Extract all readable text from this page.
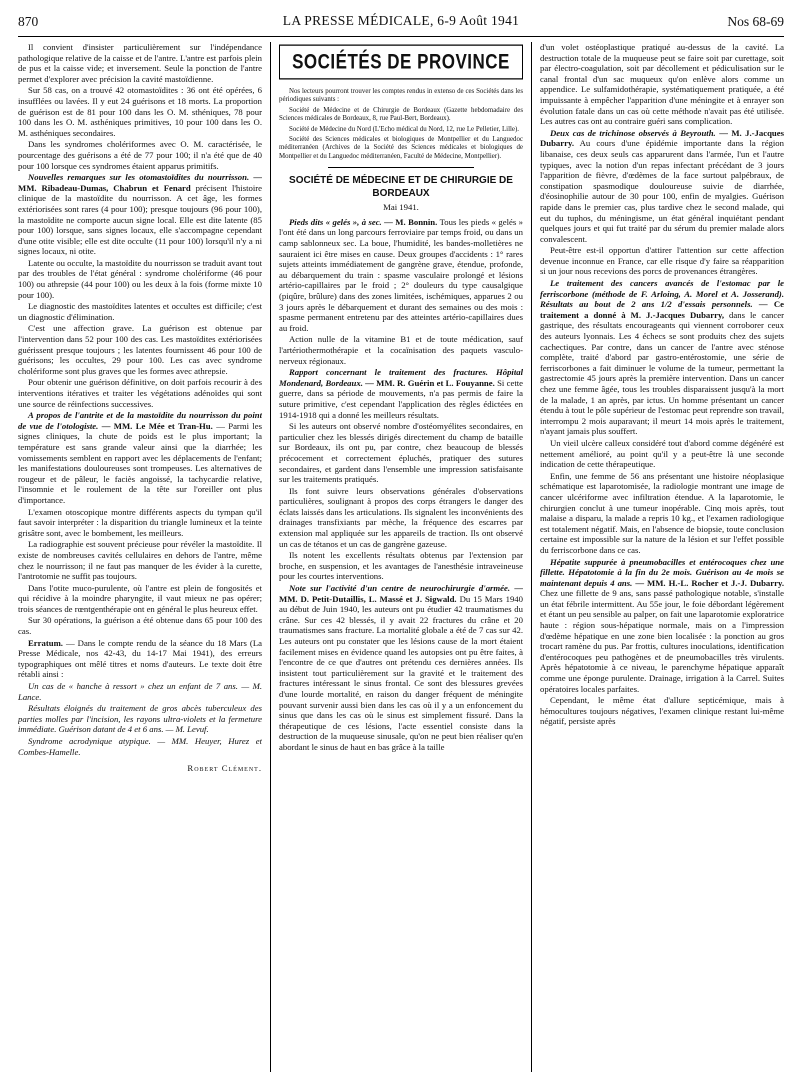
870	LA PRESSE MÉDICALE, 6-9 Août 1941	Nos 68-69

Il convient d'insister particulièrement sur l'indépendance pathologique relative de la caisse et de l'antre. L'antre est parfois plein de pus et la caisse vide; et inversement. Seule la ponction de l'antre permet d'explorer avec précision la cavité mastoïdienne.

Sur 58 cas, on a trouvé 42 otomastoïdites : 36 ont été opérées, 6 insufflées ou lavées. Il y eut 24 guérisons et 18 morts. La proportion de guérison est de 81 pour 100 dans les O. M. sthéniques, 78 pour 100 dans les O. M. asthéniques primitives, 10 pour 100 dans les O. M. asthéniques secondaires.

Dans les syndromes cholériformes avec O. M. caractérisée, le pourcentage des guérisons a été de 77 pour 100; il n'a été que de 40 pour 100 lorsque ces syndromes étaient apparus primitifs.

Nouvelles remarques sur les otomastoïdites du nourrisson. — MM. Ribadeau-Dumas, Chabrun et Fenard précisent l'histoire clinique de la mastoïdite du nourrisson. A cet âge, les formes extériorisées sont rares (4 pour 100); presque toujours (96 pour 100), la mastoïdite ne comporte aucun signe local. Elle est dite latente (85 pour 100) lorsque, sans signes locaux, elle s'accompagne cependant d'une otite visible; elle est dite occulte (11 pour 100) lorsqu'il n'y a ni signes locaux, ni otite.

Latente ou occulte, la mastoïdite du nourrisson se traduit avant tout par des troubles de l'état général : syndrome cholériforme (46 pour 100) ou athrepsie (44 pour 100) ou les deux à la fois (forme mixte 10 pour 100).

Le diagnostic des mastoïdites latentes et occultes est difficile; c'est un diagnostic d'élimination.

C'est une affection grave. La guérison est obtenue par l'intervention dans 52 pour 100 des cas. Les mastoïdites extériorisées guérissent presque toujours ; les latentes fournissent 46 pour 100 de guérisons; les occultes, 29 pour 100. Les cas avec syndrome cholériforme sont plus graves que les formes avec athrepsie.

Pour obtenir une guérison définitive, on doit parfois recourir à des interventions itératives et traiter les végétations adénoïdes qui sont une source de réinfections successives.

A propos de l'antrite et de la mastoïdite du nourrisson du point de vue de l'otologiste. — MM. Le Mée et Tran-Hu. — Parmi les signes cliniques, la chute de poids est le plus important; la température est sans grande valeur ainsi que la diarrhée; les vomissements semblent en rapport avec les déplacements de l'enfant; les manifestations douloureuses sont trompeuses. Les alternatives de rougeur et de pâleur, le faciès angoissé, la tachycardie relative, l'insomnie et le roulement de la tête sur l'oreiller ont plus d'importance.

L'examen otoscopique montre différents aspects du tympan qu'il faut savoir interpréter : la disparition du triangle lumineux et la teinte grisâtre sont, avec le bombement, les meilleurs.

La radiographie est souvent précieuse pour révéler la mastoïdite. Il existe de nombreuses cavités cellulaires en dehors de l'antre, même chez le nourrisson; il ne faut pas manquer de les évider à la curette, l'antrotomie ne suffit pas toujours.

Dans l'otite muco-purulente, où l'antre est plein de fongosités et qui récidive à la moindre pharyngite, il vaut mieux ne pas opérer; trois séances de rœntgenthérapie ont en général le plus heureux effet.

Sur 30 opérations, la guérison a été obtenue dans 65 pour 100 des cas.

Erratum. — Dans le compte rendu de la séance du 18 Mars (La Presse Médicale, nos 42-43, du 14-17 Mai 1941), des erreurs typographiques ont mêlé titres et noms d'auteurs. Le texte doit être rétabli ainsi :

Un cas de « hanche à ressort » chez un enfant de 7 ans. — M. Lance.

Résultats éloignés du traitement de gros abcès tuberculeux des parties molles par l'incision, les rayons ultra-violets et la fermeture immédiate. Guérison datant de 4 et 6 ans. — M. Levuf.

Syndrome acrodynique atypique. — MM. Heuyer, Hurez et Combes-Hamelle.

Robert Clément.

SOCIÉTÉS DE PROVINCE

Nos lecteurs pourront trouver les comptes rendus in extenso de ces Sociétés dans les périodiques suivants :

Société de Médecine et de Chirurgie de Bordeaux (Gazette hebdomadaire des Sciences médicales de Bordeaux, 8, rue Paul-Bert, Bordeaux).

Société de Médecine du Nord (L'Echo médical du Nord, 12, rue Le Pelletier, Lille).

Société des Sciences médicales et biologiques de Montpellier et du Languedoc méditerranéen (Archives de la Société des Sciences médicales et biologiques de Montpellier et du Languedoc méditerranéen, Faculté de Médecine, Montpellier).

SOCIÉTÉ DE MÉDECINE ET DE CHIRURGIE DE BORDEAUX
Mai 1941.

Pieds dits « gelés », à sec. — M. Bonnin. Tous les pieds « gelés » l'ont été dans un long parcours ferroviaire par temps froid, ou dans un camp sablonneux sec. La boue, l'humidité, les bandes-molletières ne sauraient ici être mises en cause. Deux groupes d'accidents : 1° rares sujets atteints immédiatement de gangrène grave, étendue, profonde, au débarquement du train : spasme vasculaire prolongé et lésions artério-capillaires par le froid ; 2° douleurs du type causalgique (piqûre, brûlure) dans des zones limitées, ischémiques, apparues 2 ou 3 jours après le débarquement et durant des semaines ou des mois : spasme permanent entretenu par des atteintes artério-capillaires dues au froid.

Action nulle de la vitamine B1 et de toute médication, sauf l'artériothermothérapie et la cocaïnisation des paquets vasculo-nerveux régionaux.

Rapport concernant le traitement des fractures. Hôpital Mondenard, Bordeaux. — MM. R. Guérin et L. Fouyanne. Si cette guerre, dans sa période de mouvements, n'a pas permis de faire la suture primitive, c'est cependant l'application des règles édictées en 1914-1918 qui a donné les meilleurs résultats.

Si les auteurs ont observé nombre d'ostéomyélites secondaires, en particulier chez les blessés dirigés directement du champ de bataille sur Bordeaux, ils ont pu, par contre, chez beaucoup de blessés précocement et correctement épluchés, pratiquer des sutures secondaires, et gardent dans l'ensemble une impression satisfaisante sur les traitements pratiqués.

Ils font suivre leurs observations générales d'observations particulières, soulignant à propos des corps étrangers le danger des éclats laissés dans les articulations. Ils signalent les inconvénients des drainages transfixiants par mèche, la fréquence des escarres par extension mal appliquée sur les appareils de traction. Ils ont observé un cas de tétanos et un cas de gangrène gazeuse.

Ils notent les excellents résultats obtenus par l'extension par broche, en suspension, et les avantages de l'anesthésie intraveineuse pour les courtes interventions.

Note sur l'activité d'un centre de neurochirurgie d'armée. — MM. D. Petit-Dutaillis, L. Massé et J. Sigwald. Du 15 Mars 1940 au début de Juin 1940, les auteurs ont pu étudier 42 traumatismes du crâne. Sur ces 42 blessés, il y avait 22 fractures du crâne et 20 traumatismes sans fracture. La mortalité globale a été de 7 cas sur 42. Les auteurs ont pu constater que les lésions cause de la mort étaient facilement mises en évidence quand les autopsies ont pu être faites, à l'encontre de ce que d'autres ont prétendu ces dernières années. Ils insistent tout particulièrement sur la gravité et le traitement des fractures intéressant le sinus frontal. Ce sont des blessures grevées d'une lourde mortalité, en raison du danger fréquent de méningite pouvant survenir aussi bien dans les cas où il y a un enfoncement du sinus que dans les cas où le sinus est simplement fissuré. Dans la thérapeutique de ces lésions, l'acte essentiel consiste dans la destruction de la muqueuse sinusale, qu'on ne peut bien réaliser qu'en abordant le sinus de haut en bas grâce à la taille

d'un volet ostéoplastique pratiqué au-dessus de la cavité. La destruction totale de la muqueuse peut se faire soit par curettage, soit par électro-coagulation, soit par décollement et pédiculisation sur le canal frontal d'un sac muqueux qu'on enlève alors comme un appendice. Le sulfamidothérapie, systématiquement pratiquée, a été impuissante à empêcher l'apparition d'une méningite et à enrayer son évolution fatale dans un cas où cette méthode n'avait pas été utilisée. Les autres cas ont au contraire guéri sans complication.

Deux cas de trichinose observés à Beyrouth. — M. J.-Jacques Dubarry. Au cours d'une épidémie importante dans la région libanaise, ces deux seuls cas apparurent dans l'armée, l'un et l'autre typiques, avec la notion d'un repas infectant précédant de 3 jours l'apparition de fièvre, d'œdèmes de la face surtout palpébraux, de constipation spasmodique douloureuse suivie de diarrhée, d'éosinophilie autour de 30 pour 100, enfin de myalgies. Guérison rapide dans le premier cas, plus tardive chez le second malade, qui eut du tuphos, du méningisme, un état général inquiétant pendant quelques jours et qui fut traité par du sérum du premier malade alors convalescent.

Peut-être est-il opportun d'attirer l'attention sur cette affection devenue inconnue en France, car elle risque d'y faire sa réapparition si un jour nous recevions des porcs de provenances étrangères.

Le traitement des cancers avancés de l'estomac par le ferriscorbone (méthode de F. Arloing, A. Morel et A. Josserand). Résultats au bout de 2 ans 1/2 d'essais personnels. — Ce traitement a donné à M. J.-Jacques Dubarry, dans le cancer gastrique, des résultats encourageants qui viennent corroborer ceux des auteurs lyonnais. Les 4 échecs se sont produits chez des sujets cachectiques. Par contre, dans un cancer de l'antre avec sténose complète, traité d'abord par gastro-entérostomie, une série de ferriscorbones a fait diminuer le volume de la tumeur, permettant la gastrectomie 45 jours après la première intervention. Dans un cancer chez une femme âgée, tous les troubles disparaissent jusqu'à la mort de la malade, 1 an après, par ictus. Un homme présentant un cancer étendu à tout le pôle supérieur de l'estomac peut reprendre son travail, interrompu 2 mois auparavant; il meurt 14 mois après le traitement, n'ayant jamais plus souffert.

Un vieil ulcère calleux considéré tout d'abord comme dégénéré est nettement amélioré, au point qu'il y a peut-être là une seconde indication de cette thérapeutique.

Enfin, une femme de 56 ans présentant une histoire néoplasique schématique est laparotomisée, la radiologie montrant une image de cancer ulcériforme avec infiltration étendue. A la laparotomie, le chirurgien conclut à une tumeur inopérable. Cinq mois après, tout malaise a disparu, la malade a repris 10 kg., et l'examen radiologique est totalement négatif. Mais, en l'absence de biopsie, toute conclusion certaine est impossible sur la nature de la lésion et sur l'effet possible du ferriscorbone dans ce cas.

Hépatite suppurée à pneumobacilles et entérocoques chez une fillette. Hépatotomie à la fin du 2e mois. Guérison au 4e mois se maintenant depuis 4 ans. — MM. H.-L. Rocher et J.-J. Dubarry. Chez une fillette de 9 ans, sans passé pathologique notable, s'installe un état fébrile intermittent. Au 55e jour, le foie débordant légèrement et étant un peu sensible au palper, on fait une laparotomie exploratrice haute : région sous-hépatique normale, mais on a l'impression d'œdème hépatique en une zone bien localisée : la ponction au gros trocart ramène du pus. Par frottis, cultures inoculations, identification d'entérocoques peu pathogènes et de pneumobacilles très virulents. Après hépatotomie à ce niveau, le parenchyme hépatique apparaît comme une éponge purulente. Drainage, irrigation à la Carrel. Suites opératoires locales parfaites.

Cependant, le même état d'allure septicémique, mais à hémocultures toujours négatives, l'examen clinique restant lui-même négatif, persiste après
